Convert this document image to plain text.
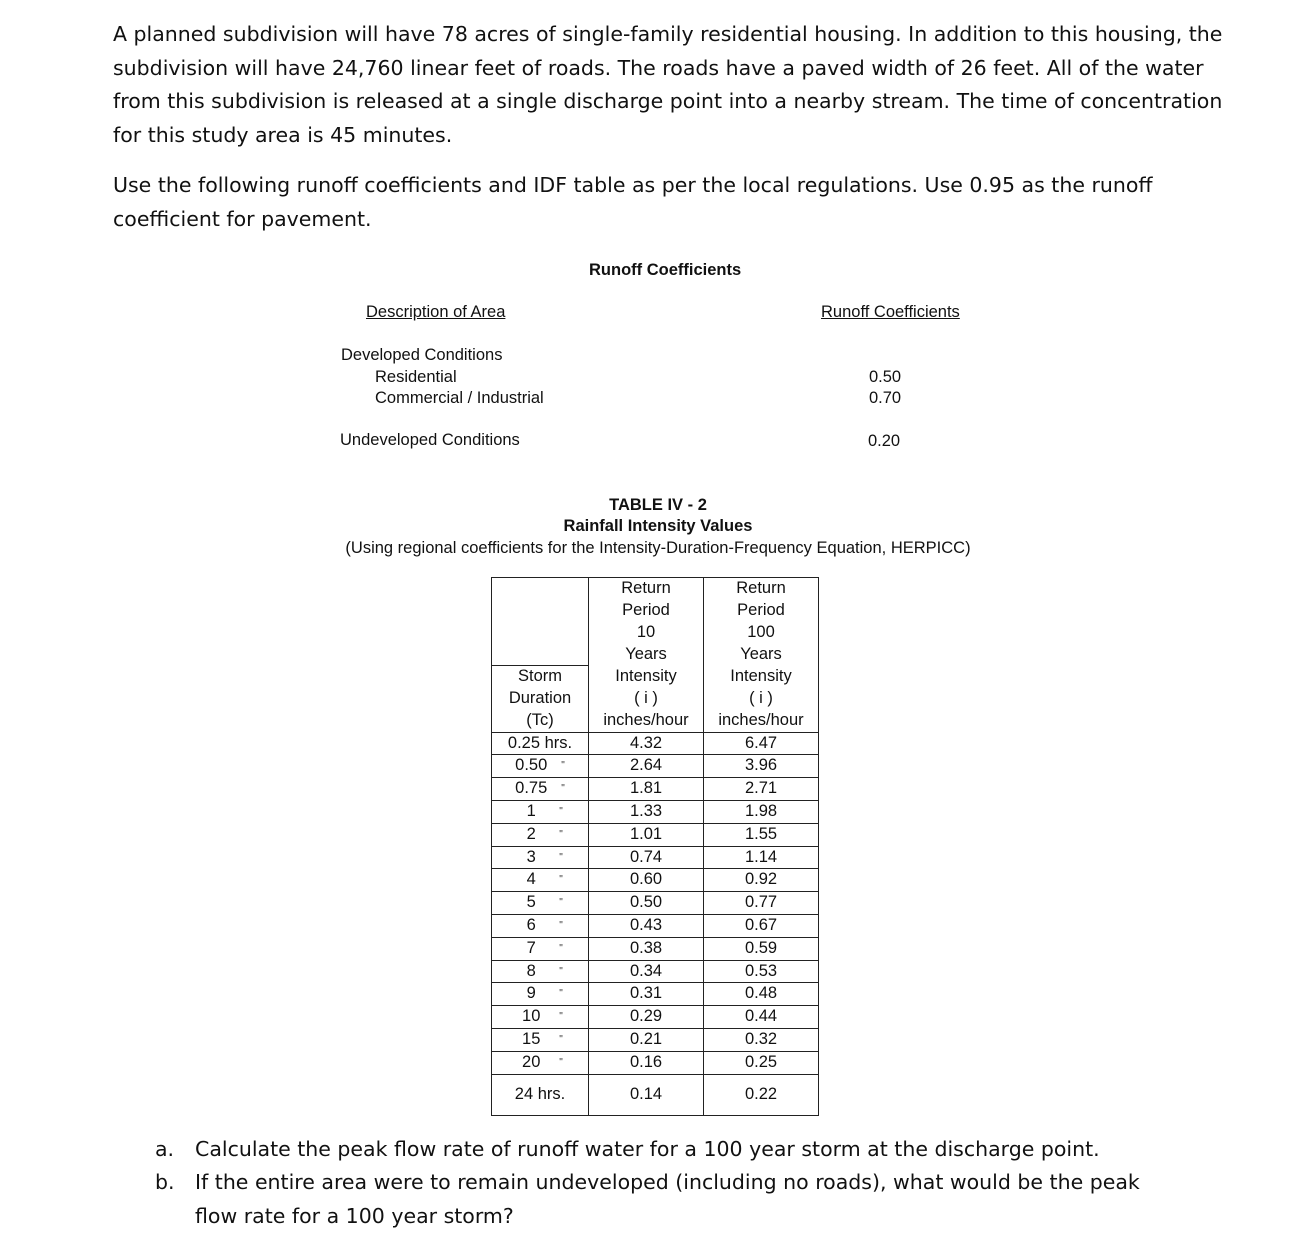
A planned subdivision will have 78 acres of single-family residential housing. In addition to this housing, the subdivision will have 24,760 linear feet of roads. The roads have a paved width of 26 feet. All of the water from this subdivision is released at a single discharge point into a nearby stream. The time of concentration for this study area is 45 minutes.

Use the following runoff coefficients and IDF table as per the local regulations. Use 0.95 as the runoff coefficient for pavement.

Runoff Coefficients
Description of Area	Runoff Coefficients
Developed Conditions
Residential	0.50
Commercial / Industrial	0.70
Undeveloped Conditions	0.20
TABLE IV - 2
Rainfall Intensity Values
(Using regional coefficients for the Intensity-Duration-Frequency Equation, HERPICC)
	Return	Return
	Period	Period
	10	100
	Years	Years
Storm	Intensity	Intensity
Duration	( i )	( i )
(Tc)	inches/hour	inches/hour
0.25 hrs.	4.32	6.47
0.50 "	2.64	3.96
0.75 "	1.81	2.71
1 "	1.33	1.98
2 "	1.01	1.55
3 "	0.74	1.14
4 "	0.60	0.92
5 "	0.50	0.77
6 "	0.43	0.67
7 "	0.38	0.59
8 "	0.34	0.53
9 "	0.31	0.48
10 "	0.29	0.44
15 "	0.21	0.32
20 "	0.16	0.25
24 hrs.	0.14	0.22
a. Calculate the peak flow rate of runoff water for a 100 year storm at the discharge point.
b. If the entire area were to remain undeveloped (including no roads), what would be the peak flow rate for a 100 year storm?
